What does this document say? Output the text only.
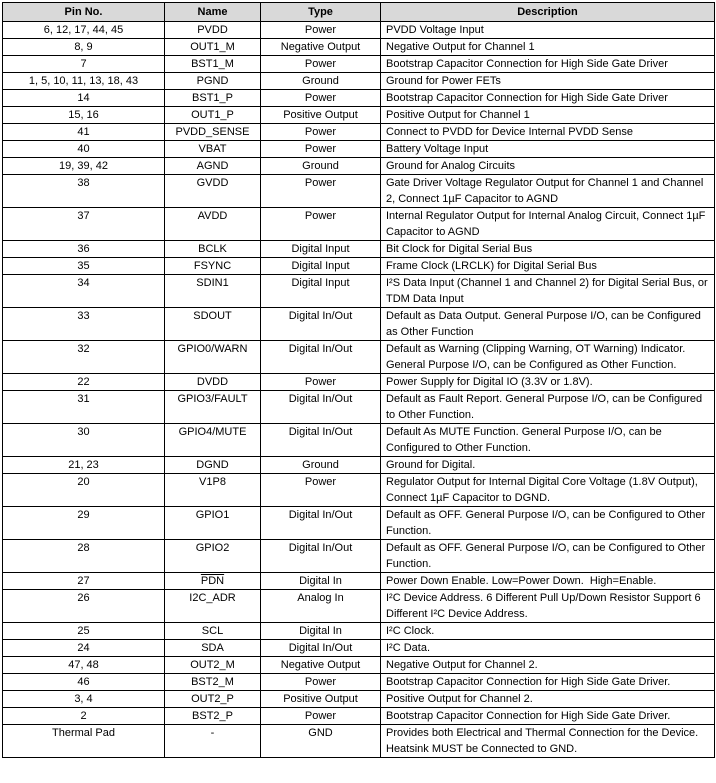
Pin No.	Name	Type	Description
6, 12, 17, 44, 45	PVDD	Power	PVDD Voltage Input
8, 9	OUT1_M	Negative Output	Negative Output for Channel 1
7	BST1_M	Power	Bootstrap Capacitor Connection for High Side Gate Driver
1, 5, 10, 11, 13, 18, 43	PGND	Ground	Ground for Power FETs
14	BST1_P	Power	Bootstrap Capacitor Connection for High Side Gate Driver
15, 16	OUT1_P	Positive Output	Positive Output for Channel 1
41	PVDD_SENSE	Power	Connect to PVDD for Device Internal PVDD Sense
40	VBAT	Power	Battery Voltage Input
19, 39, 42	AGND	Ground	Ground for Analog Circuits
38	GVDD	Power	Gate Driver Voltage Regulator Output for Channel 1 and Channel 2, Connect 1µF Capacitor to AGND
37	AVDD	Power	Internal Regulator Output for Internal Analog Circuit, Connect 1µF Capacitor to AGND
36	BCLK	Digital Input	Bit Clock for Digital Serial Bus
35	FSYNC	Digital Input	Frame Clock (LRCLK) for Digital Serial Bus
34	SDIN1	Digital Input	I²S Data Input (Channel 1 and Channel 2) for Digital Serial Bus, or TDM Data Input
33	SDOUT	Digital In/Out	Default as Data Output. General Purpose I/O, can be Configured as Other Function
32	GPIO0/WARN	Digital In/Out	Default as Warning (Clipping Warning, OT Warning) Indicator. General Purpose I/O, can be Configured as Other Function.
22	DVDD	Power	Power Supply for Digital IO (3.3V or 1.8V).
31	GPIO3/FAULT	Digital In/Out	Default as Fault Report. General Purpose I/O, can be Configured to Other Function.
30	GPIO4/MUTE	Digital In/Out	Default As MUTE Function. General Purpose I/O, can be Configured to Other Function.
21, 23	DGND	Ground	Ground for Digital.
20	V1P8	Power	Regulator Output for Internal Digital Core Voltage (1.8V Output), Connect 1µF Capacitor to DGND.
29	GPIO1	Digital In/Out	Default as OFF. General Purpose I/O, can be Configured to Other Function.
28	GPIO2	Digital In/Out	Default as OFF. General Purpose I/O, can be Configured to Other Function.
27	$\overline{PDN}$	Digital In	Power Down Enable. Low=Power Down.  High=Enable.
26	I2C_ADR	Analog In	I²C Device Address. 6 Different Pull Up/Down Resistor Support 6 Different I²C Device Address.
25	SCL	Digital In	I²C Clock.
24	SDA	Digital In/Out	I²C Data.
47, 48	OUT2_M	Negative Output	Negative Output for Channel 2.
46	BST2_M	Power	Bootstrap Capacitor Connection for High Side Gate Driver.
3, 4	OUT2_P	Positive Output	Positive Output for Channel 2.
2	BST2_P	Power	Bootstrap Capacitor Connection for High Side Gate Driver.
Thermal Pad	-	GND	Provides both Electrical and Thermal Connection for the Device. Heatsink MUST be Connected to GND.
